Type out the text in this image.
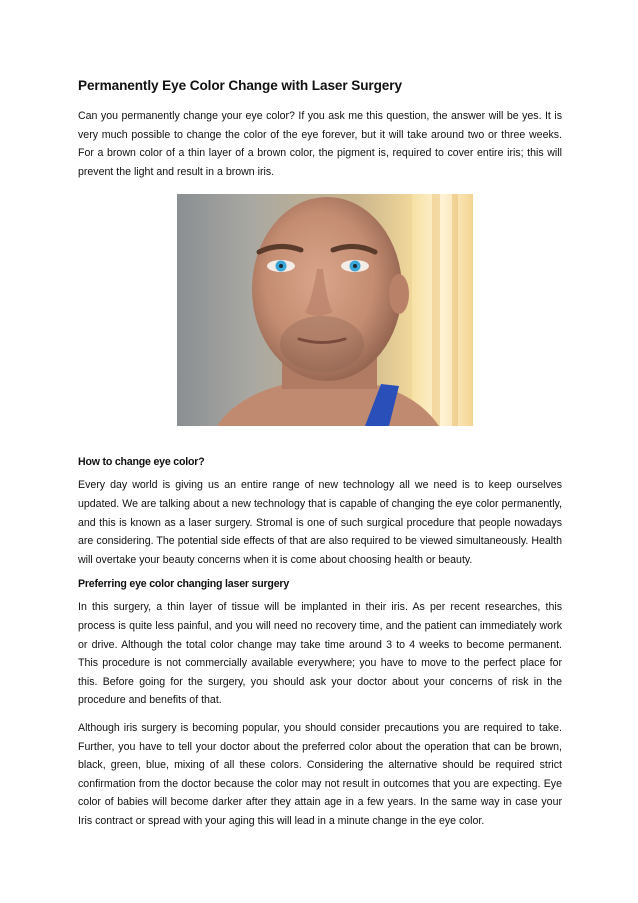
Permanently Eye Color Change with Laser Surgery

Can you permanently change your eye color? If you ask me this question, the answer will be yes. It is very much possible to change the color of the eye forever, but it will take around two or three weeks. For a brown color of a thin layer of a brown color, the pigment is, required to cover entire iris; this will prevent the light and result in a brown iris.

How to change eye color?

Every day world is giving us an entire range of new technology all we need is to keep ourselves updated. We are talking about a new technology that is capable of changing the eye color permanently, and this is known as a laser surgery. Stromal is one of such surgical procedure that people nowadays are considering. The potential side effects of that are also required to be viewed simultaneously. Health will overtake your beauty concerns when it is come about choosing health or beauty.

Preferring eye color changing laser surgery

In this surgery, a thin layer of tissue will be implanted in their iris. As per recent researches, this process is quite less painful, and you will need no recovery time, and the patient can immediately work or drive. Although the total color change may take time around 3 to 4 weeks to become permanent. This procedure is not commercially available everywhere; you have to move to the perfect place for this. Before going for the surgery, you should ask your doctor about your concerns of risk in the procedure and benefits of that.

Although iris surgery is becoming popular, you should consider precautions you are required to take. Further, you have to tell your doctor about the preferred color about the operation that can be brown, black, green, blue, mixing of all these colors. Considering the alternative should be required strict confirmation from the doctor because the color may not result in outcomes that you are expecting. Eye color of babies will become darker after they attain age in a few years. In the same way in case your Iris contract or spread with your aging this will lead in a minute change in the eye color.
